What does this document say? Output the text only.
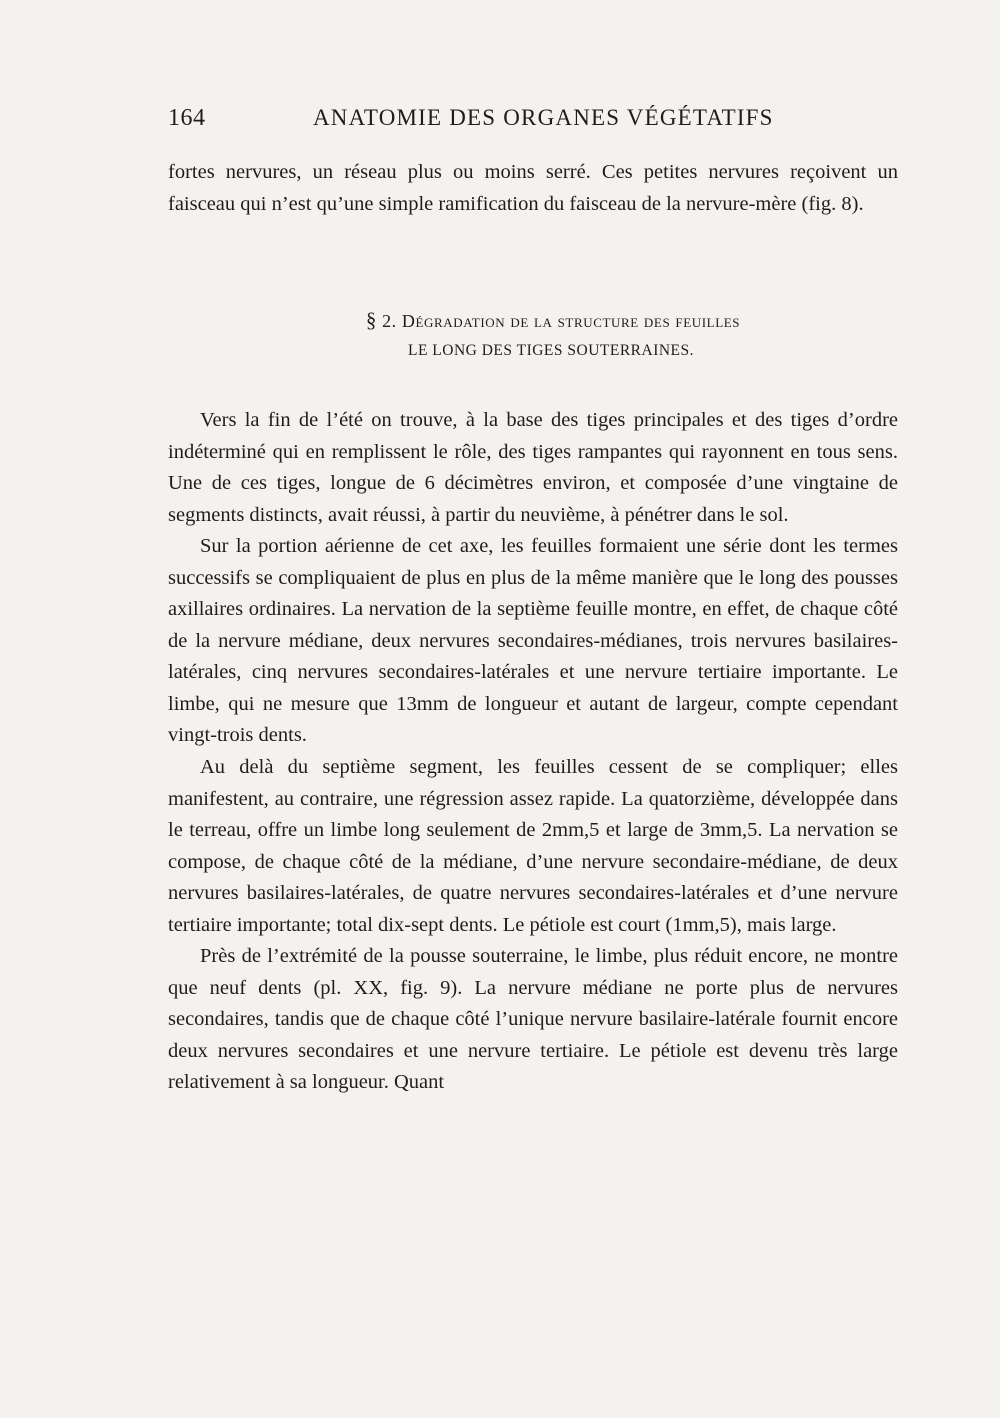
164	ANATOMIE DES ORGANES VÉGÉTATIFS

fortes nervures, un réseau plus ou moins serré. Ces petites nervures reçoivent un faisceau qui n’est qu’une simple ramification du faisceau de la nervure-mère (fig. 8).

§ 2. Dégradation de la structure des feuilles
LE LONG DES TIGES SOUTERRAINES.

Vers la fin de l’été on trouve, à la base des tiges principales et des tiges d’ordre indéterminé qui en remplissent le rôle, des tiges rampantes qui rayonnent en tous sens. Une de ces tiges, longue de 6 décimètres environ, et composée d’une vingtaine de segments distincts, avait réussi, à partir du neuvième, à pénétrer dans le sol.

Sur la portion aérienne de cet axe, les feuilles formaient une série dont les termes successifs se compliquaient de plus en plus de la même manière que le long des pousses axillaires ordinaires. La nervation de la septième feuille montre, en effet, de chaque côté de la nervure médiane, deux nervures secondaires-médianes, trois nervures basilaires-latérales, cinq nervures secondaires-latérales et une nervure tertiaire importante. Le limbe, qui ne mesure que 13mm de longueur et autant de largeur, compte cependant vingt-trois dents.

Au delà du septième segment, les feuilles cessent de se compliquer; elles manifestent, au contraire, une régression assez rapide. La quatorzième, développée dans le terreau, offre un limbe long seulement de 2mm,5 et large de 3mm,5. La nervation se compose, de chaque côté de la médiane, d’une nervure secondaire-médiane, de deux nervures basilaires-latérales, de quatre nervures secondaires-latérales et d’une nervure tertiaire importante; total dix-sept dents. Le pétiole est court (1mm,5), mais large.

Près de l’extrémité de la pousse souterraine, le limbe, plus réduit encore, ne montre que neuf dents (pl. XX, fig. 9). La nervure médiane ne porte plus de nervures secondaires, tandis que de chaque côté l’unique nervure basilaire-latérale fournit encore deux nervures secondaires et une nervure tertiaire. Le pétiole est devenu très large relativement à sa longueur. Quant
